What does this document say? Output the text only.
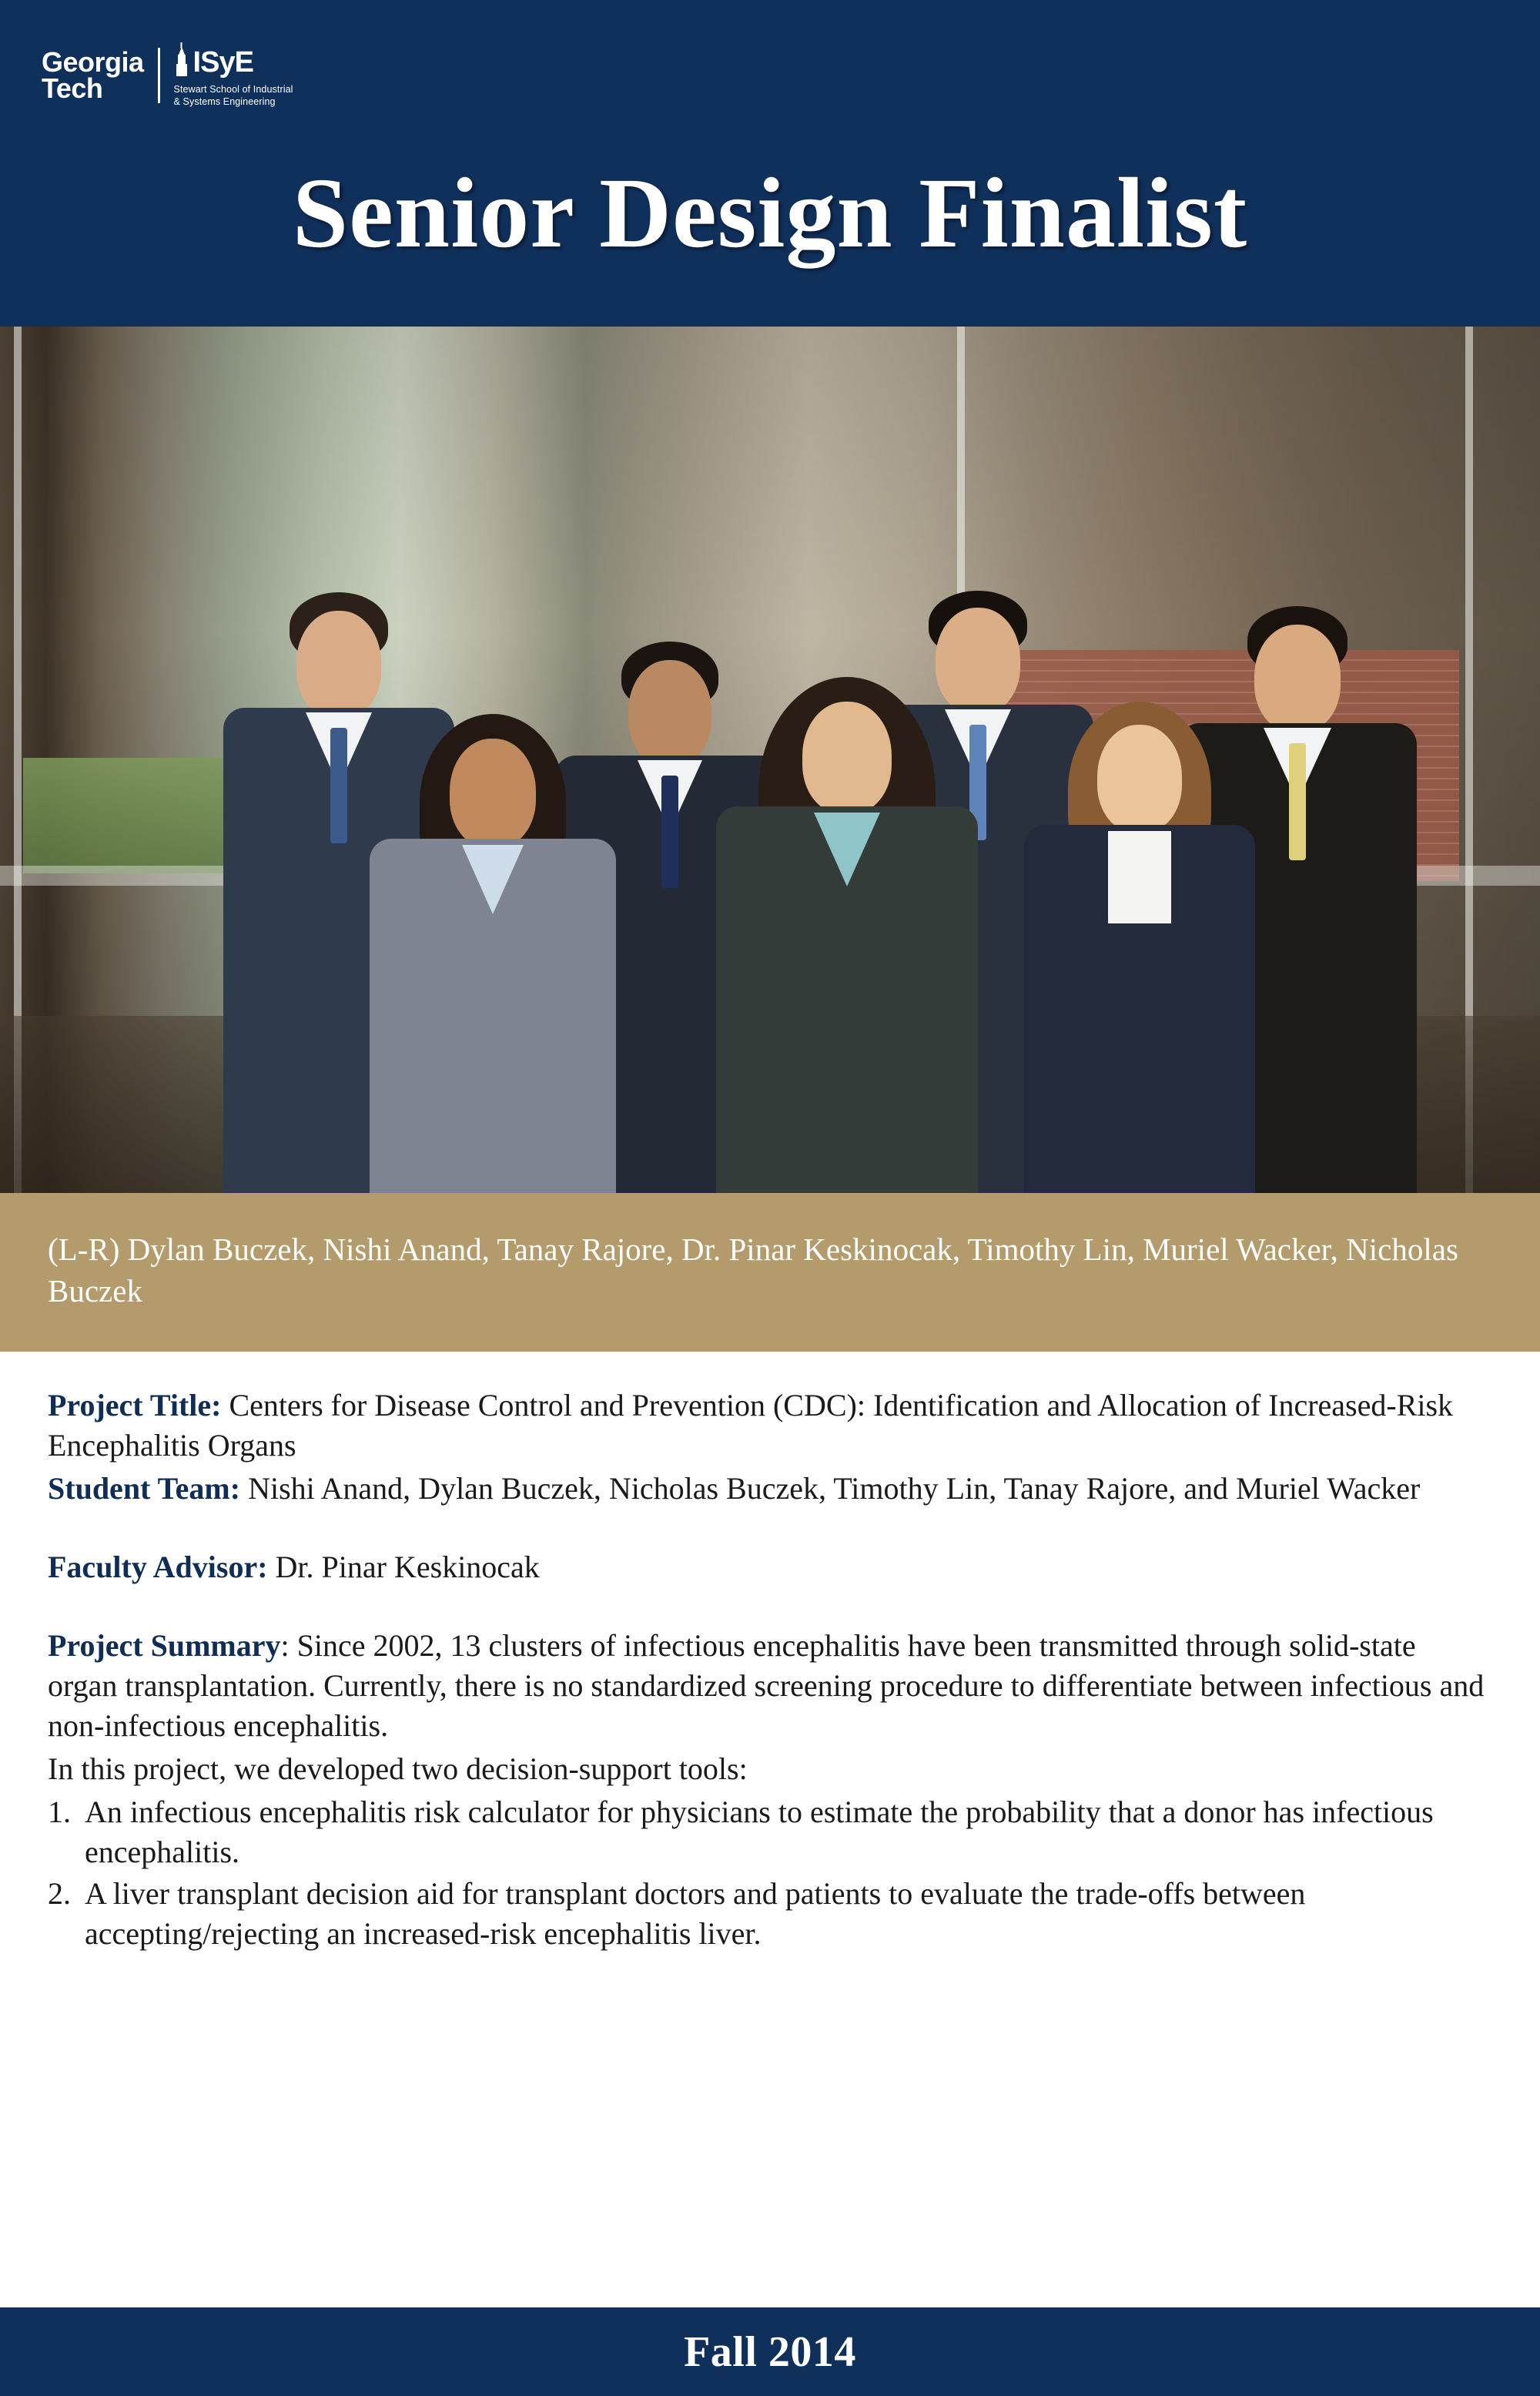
Georgia
Tech
ISyE
Stewart School of Industrial
& Systems Engineering
Senior Design Finalist
(L-R) Dylan Buczek, Nishi Anand, Tanay Rajore, Dr. Pinar Keskinocak, Timothy Lin, Muriel Wacker, Nicholas Buczek

Project Title: Centers for Disease Control and Prevention (CDC): Identification and Allocation of Increased-Risk Encephalitis Organs

Student Team: Nishi Anand, Dylan Buczek, Nicholas Buczek, Timothy Lin, Tanay Rajore, and Muriel Wacker

Faculty Advisor: Dr. Pinar Keskinocak

Project Summary: Since 2002, 13 clusters of infectious encephalitis have been transmitted through solid-state organ transplantation. Currently, there is no standardized screening procedure to differentiate between infectious and non-infectious encephalitis.

In this project, we developed two decision-support tools:

1. An infectious encephalitis risk calculator for physicians to estimate the probability that a donor has infectious encephalitis.
2. A liver transplant decision aid for transplant doctors and patients to evaluate the trade-offs between accepting/rejecting an increased-risk encephalitis liver.
Fall 2014
